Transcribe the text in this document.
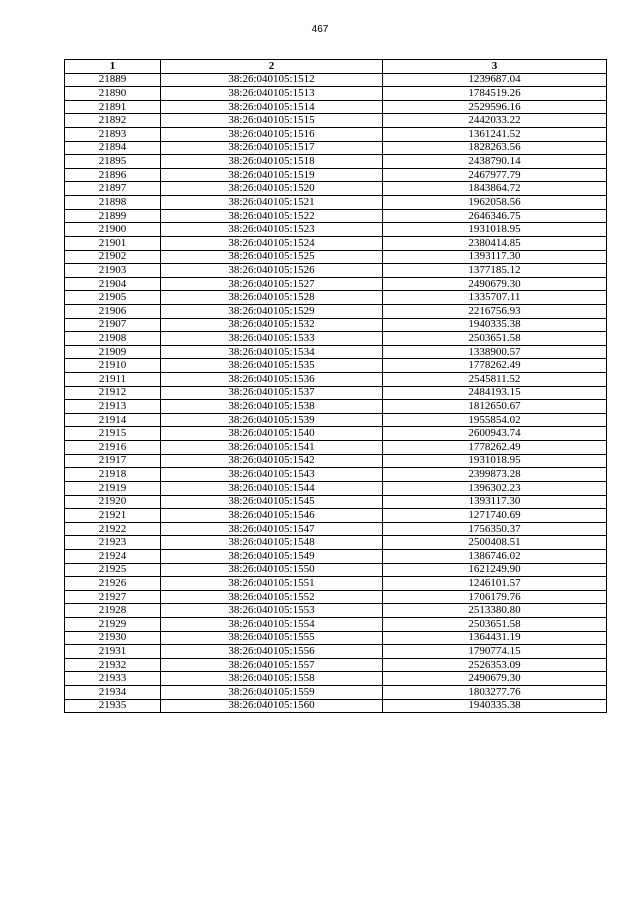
467
1	2	3
21889	38:26:040105:1512	1239687.04
21890	38:26:040105:1513	1784519.26
21891	38:26:040105:1514	2529596.16
21892	38:26:040105:1515	2442033.22
21893	38:26:040105:1516	1361241.52
21894	38:26:040105:1517	1828263.56
21895	38:26:040105:1518	2438790.14
21896	38:26:040105:1519	2467977.79
21897	38:26:040105:1520	1843864.72
21898	38:26:040105:1521	1962058.56
21899	38:26:040105:1522	2646346.75
21900	38:26:040105:1523	1931018.95
21901	38:26:040105:1524	2380414.85
21902	38:26:040105:1525	1393117.30
21903	38:26:040105:1526	1377185.12
21904	38:26:040105:1527	2490679.30
21905	38:26:040105:1528	1335707.11
21906	38:26:040105:1529	2216756.93
21907	38:26:040105:1532	1940335.38
21908	38:26:040105:1533	2503651.58
21909	38:26:040105:1534	1338900.57
21910	38:26:040105:1535	1778262.49
21911	38:26:040105:1536	2545811.52
21912	38:26:040105:1537	2484193.15
21913	38:26:040105:1538	1812650.67
21914	38:26:040105:1539	1955854.02
21915	38:26:040105:1540	2600943.74
21916	38:26:040105:1541	1778262.49
21917	38:26:040105:1542	1931018.95
21918	38:26:040105:1543	2399873.28
21919	38:26:040105:1544	1396302.23
21920	38:26:040105:1545	1393117.30
21921	38:26:040105:1546	1271740.69
21922	38:26:040105:1547	1756350.37
21923	38:26:040105:1548	2500408.51
21924	38:26:040105:1549	1386746.02
21925	38:26:040105:1550	1621249.90
21926	38:26:040105:1551	1246101.57
21927	38:26:040105:1552	1706179.76
21928	38:26:040105:1553	2513380.80
21929	38:26:040105:1554	2503651.58
21930	38:26:040105:1555	1364431.19
21931	38:26:040105:1556	1790774.15
21932	38:26:040105:1557	2526353.09
21933	38:26:040105:1558	2490679.30
21934	38:26:040105:1559	1803277.76
21935	38:26:040105:1560	1940335.38
